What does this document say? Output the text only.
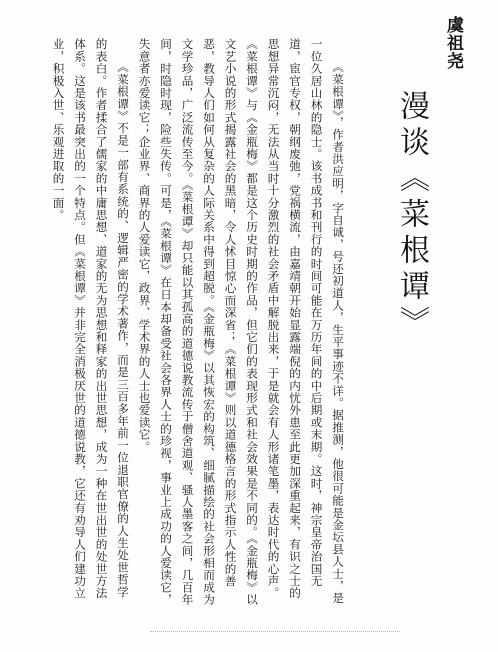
虞祖尧
漫谈《菜根谭》

《菜根谭》，作者洪应明，字自诚，号还初道人，生平事迹不详。据推测，他很可能是金坛县人士，是一位久居山林的隐士。该书成书和刊行的时间可能在万历年间的中后期或末期。这时，神宗皇帝治国无道，宦官专权，朝纲废弛，党祸横流，由嘉靖朝开始显露端倪的内忧外患至此更加深重起来，有识之士的思想异常沉闷，无法从当时十分激烈的社会矛盾中解脱出来，于是就会有人形诸笔墨，表达时代的心声。《菜根谭》与《金瓶梅》都是这个历史时期的作品，但它们的表现形式和社会效果是不同的。《金瓶梅》以文艺小说的形式揭露社会的黑暗，令人怵目惊心而深省；《菜根谭》则以道德格言的形式指示人性的善恶，教导人们如何从复杂的人际关系中得到超脱。《金瓶梅》以其恢宏的构筑、细腻描绘的社会形相而成为文学珍品，广泛流传至今。《菜根谭》却只能以其孤高的道德说教流传于僧舍道观、骚人墨客之间，几百年间，时隐时现，险些失传。可是，《菜根谭》在日本却备受社会各界人士的珍视，事业上成功的人爱读它，失意者亦爱读它；企业界、商界的人爱读它，政界、学术界的人士也爱读它。

《菜根谭》不是一部有系统的、逻辑严密的学术著作，而是三百多年前一位退职官僚的人生处世哲学的表白。作者揉合了儒家的中庸思想、道家的无为思想和释家的出世思想，成为一种在世出世的处世方法体系。这是该书最突出的一个特点。但《菜根谭》并非完全消极厌世的道德说教，它还有劝导人们建功立业，积极入世、乐观进取的一面。
